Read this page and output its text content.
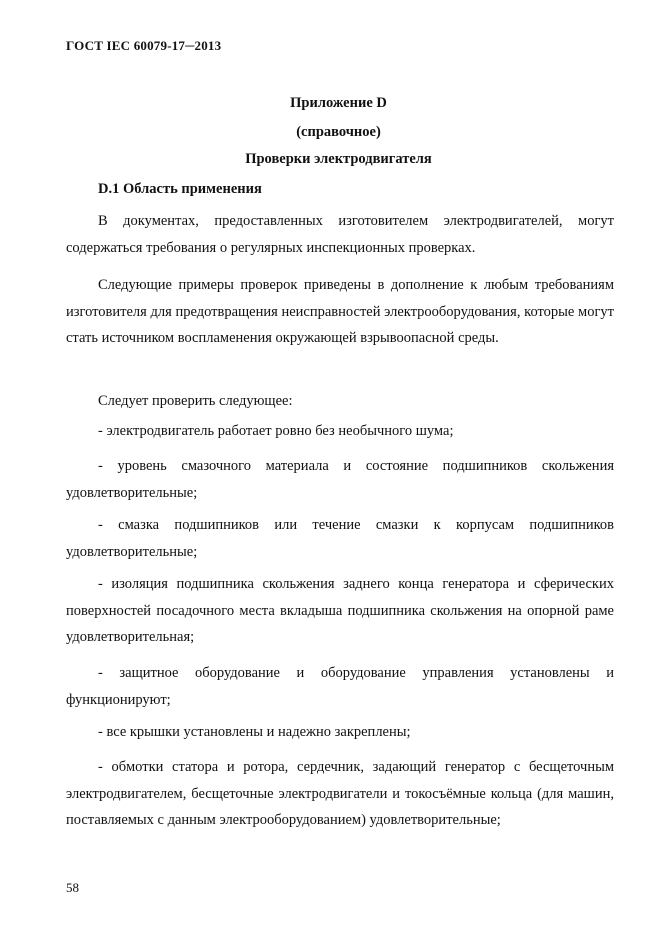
ГОСТ IEC 60079-17─2013
Приложение D
(справочное)
Проверки электродвигателя
D.1 Область применения

В документах, предоставленных изготовителем электродвигателей, могут содержаться требования о регулярных инспекционных проверках.

Следующие примеры проверок приведены в дополнение к любым требованиям изготовителя для предотвращения неисправностей электрооборудования, которые могут стать источником воспламенения окружающей взрывоопасной среды.

Следует проверить следующее:

- электродвигатель работает ровно без необычного шума;

- уровень смазочного материала и состояние подшипников скольжения удовлетворительные;

- смазка подшипников или течение смазки к корпусам подшипников удовлетворительные;

- изоляция подшипника скольжения заднего конца генератора и сферических поверхностей посадочного места вкладыша подшипника скольжения на опорной раме удовлетворительная;

- защитное оборудование и оборудование управления установлены и функционируют;

- все крышки установлены и надежно закреплены;

- обмотки статора и ротора, сердечник, задающий генератор с бесщеточным электродвигателем, бесщеточные электродвигатели и токосъёмные кольца (для машин, поставляемых с данным электрооборудованием) удовлетворительные;

58
